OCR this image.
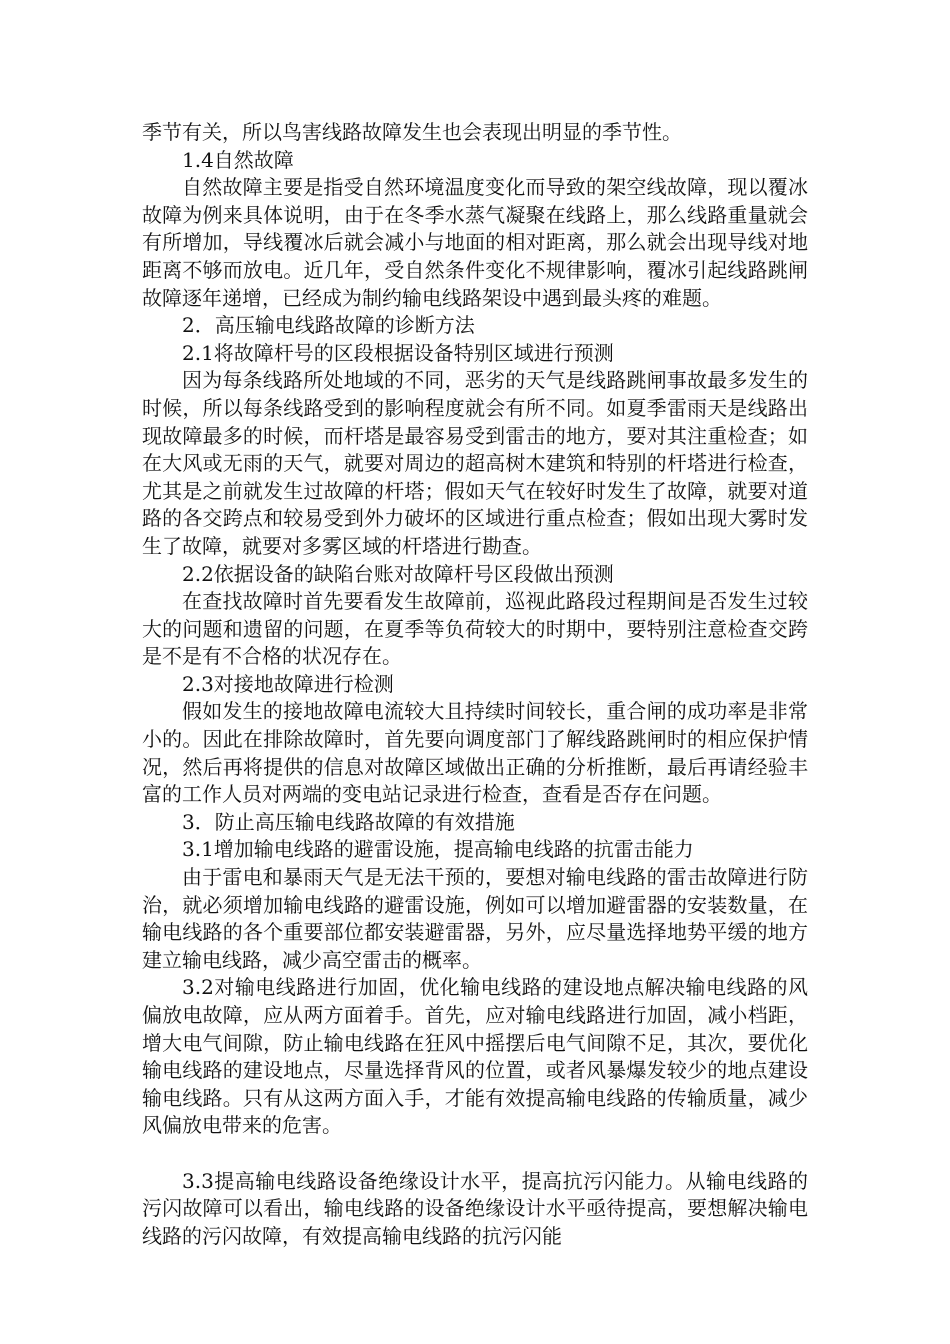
季节有关，所以鸟害线路故障发生也会表现出明显的季节性。

1.4自然故障

自然故障主要是指受自然环境温度变化而导致的架空线故障，现以覆冰故障为例来具体说明，由于在冬季水蒸气凝聚在线路上，那么线路重量就会有所增加，导线覆冰后就会减小与地面的相对距离，那么就会出现导线对地距离不够而放电。近几年，受自然条件变化不规律影响，覆冰引起线路跳闸故障逐年递增，已经成为制约输电线路架设中遇到最头疼的难题。

2．高压输电线路故障的诊断方法

2.1将故障杆号的区段根据设备特别区域进行预测

因为每条线路所处地域的不同，恶劣的天气是线路跳闸事故最多发生的时候，所以每条线路受到的影响程度就会有所不同。如夏季雷雨天是线路出现故障最多的时候，而杆塔是最容易受到雷击的地方，要对其注重检查；如在大风或无雨的天气，就要对周边的超高树木建筑和特别的杆塔进行检查，尤其是之前就发生过故障的杆塔；假如天气在较好时发生了故障，就要对道路的各交跨点和较易受到外力破坏的区域进行重点检查；假如出现大雾时发生了故障，就要对多雾区域的杆塔进行勘查。

2.2依据设备的缺陷台账对故障杆号区段做出预测

在查找故障时首先要看发生故障前，巡视此路段过程期间是否发生过较大的问题和遗留的问题，在夏季等负荷较大的时期中，要特别注意检查交跨是不是有不合格的状况存在。

2.3对接地故障进行检测

假如发生的接地故障电流较大且持续时间较长，重合闸的成功率是非常小的。因此在排除故障时，首先要向调度部门了解线路跳闸时的相应保护情况，然后再将提供的信息对故障区域做出正确的分析推断，最后再请经验丰富的工作人员对两端的变电站记录进行检查，查看是否存在问题。

3．防止高压输电线路故障的有效措施

3.1增加输电线路的避雷设施，提高输电线路的抗雷击能力

由于雷电和暴雨天气是无法干预的，要想对输电线路的雷击故障进行防治，就必须增加输电线路的避雷设施，例如可以增加避雷器的安装数量，在输电线路的各个重要部位都安装避雷器，另外，应尽量选择地势平缓的地方建立输电线路，减少高空雷击的概率。

3.2对输电线路进行加固，优化输电线路的建设地点解决输电线路的风偏放电故障，应从两方面着手。首先，应对输电线路进行加固，减小档距，增大电气间隙，防止输电线路在狂风中摇摆后电气间隙不足，其次，要优化输电线路的建设地点，尽量选择背风的位置，或者风暴爆发较少的地点建设输电线路。只有从这两方面入手，才能有效提高输电线路的传输质量，减少风偏放电带来的危害。

3.3提高输电线路设备绝缘设计水平，提高抗污闪能力。从输电线路的污闪故障可以看出，输电线路的设备绝缘设计水平亟待提高，要想解决输电线路的污闪故障，有效提高输电线路的抗污闪能
